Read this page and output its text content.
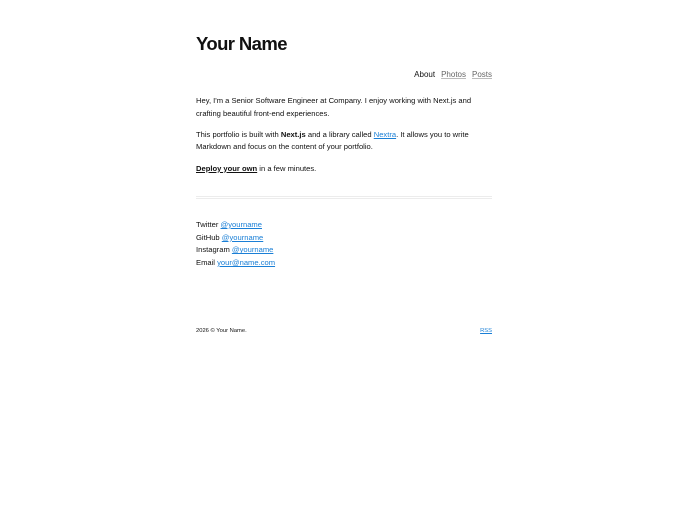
Your Name
About Photos Posts

Hey, I'm a Senior Software Engineer at Company. I enjoy working with Next.js and crafting beautiful front-end experiences.

This portfolio is built with Next.js and a library called Nextra. It allows you to write Markdown and focus on the content of your portfolio.

Deploy your own in a few minutes.

Twitter @yourname
GitHub @yourname
Instagram @yourname
Email your@name.com
2026 © Your Name.	RSS
